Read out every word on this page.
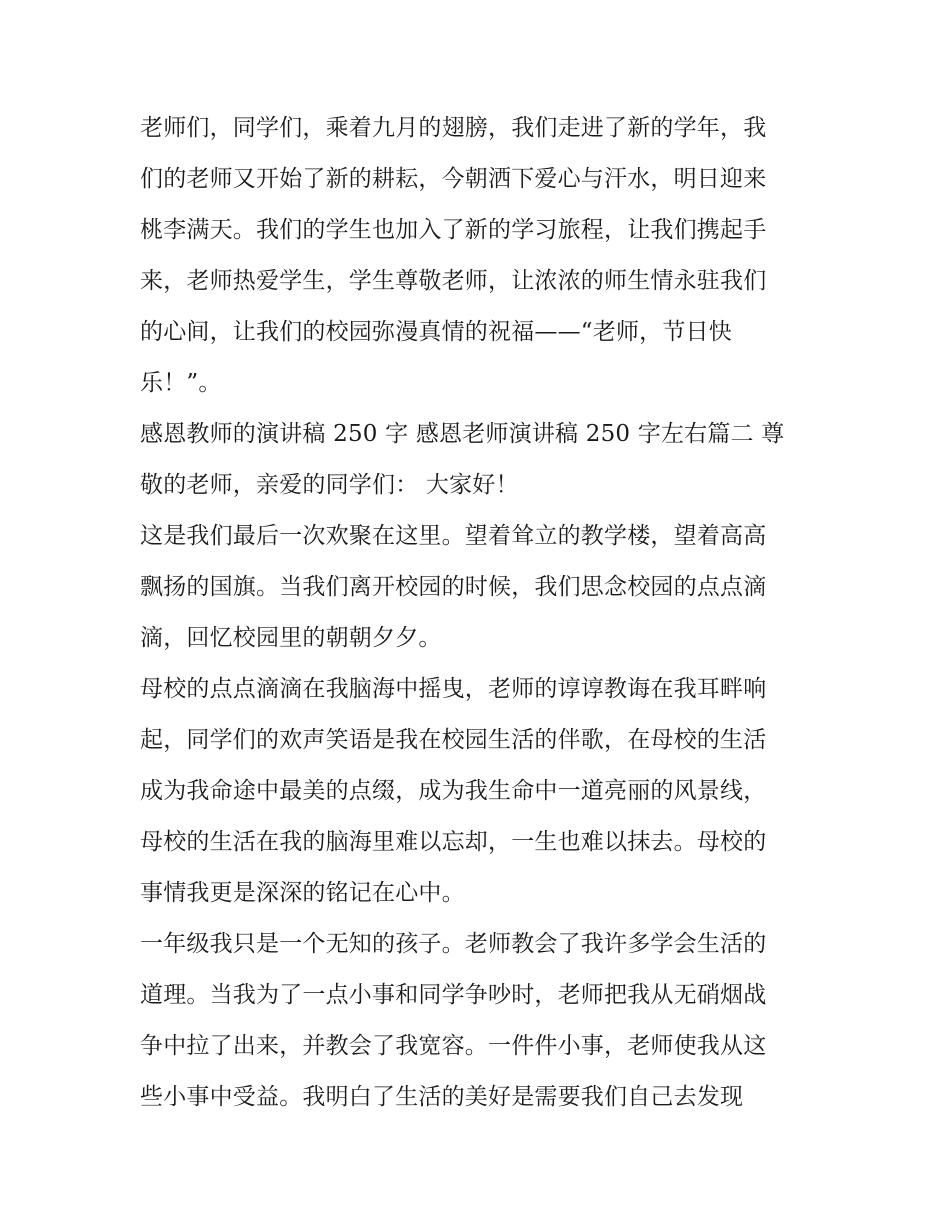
老师们，同学们，乘着九月的翅膀，我们走进了新的学年，我
们的老师又开始了新的耕耘，今朝洒下爱心与汗水，明日迎来
桃李满天。我们的学生也加入了新的学习旅程，让我们携起手
来，老师热爱学生，学生尊敬老师，让浓浓的师生情永驻我们
的心间，让我们的校园弥漫真情的祝福——“老师，节日快
乐！”。
感恩教师的演讲稿 250 字 感恩老师演讲稿 250 字左右篇二 尊
敬的老师，亲爱的同学们： 大家好！
这是我们最后一次欢聚在这里。望着耸立的教学楼，望着高高
飘扬的国旗。当我们离开校园的时候，我们思念校园的点点滴
滴，回忆校园里的朝朝夕夕。
母校的点点滴滴在我脑海中摇曳，老师的谆谆教诲在我耳畔响
起，同学们的欢声笑语是我在校园生活的伴歌，在母校的生活
成为我命途中最美的点缀，成为我生命中一道亮丽的风景线，
母校的生活在我的脑海里难以忘却，一生也难以抹去。母校的
事情我更是深深的铭记在心中。
一年级我只是一个无知的孩子。老师教会了我许多学会生活的
道理。当我为了一点小事和同学争吵时，老师把我从无硝烟战
争中拉了出来，并教会了我宽容。一件件小事，老师使我从这
些小事中受益。我明白了生活的美好是需要我们自己去发现
